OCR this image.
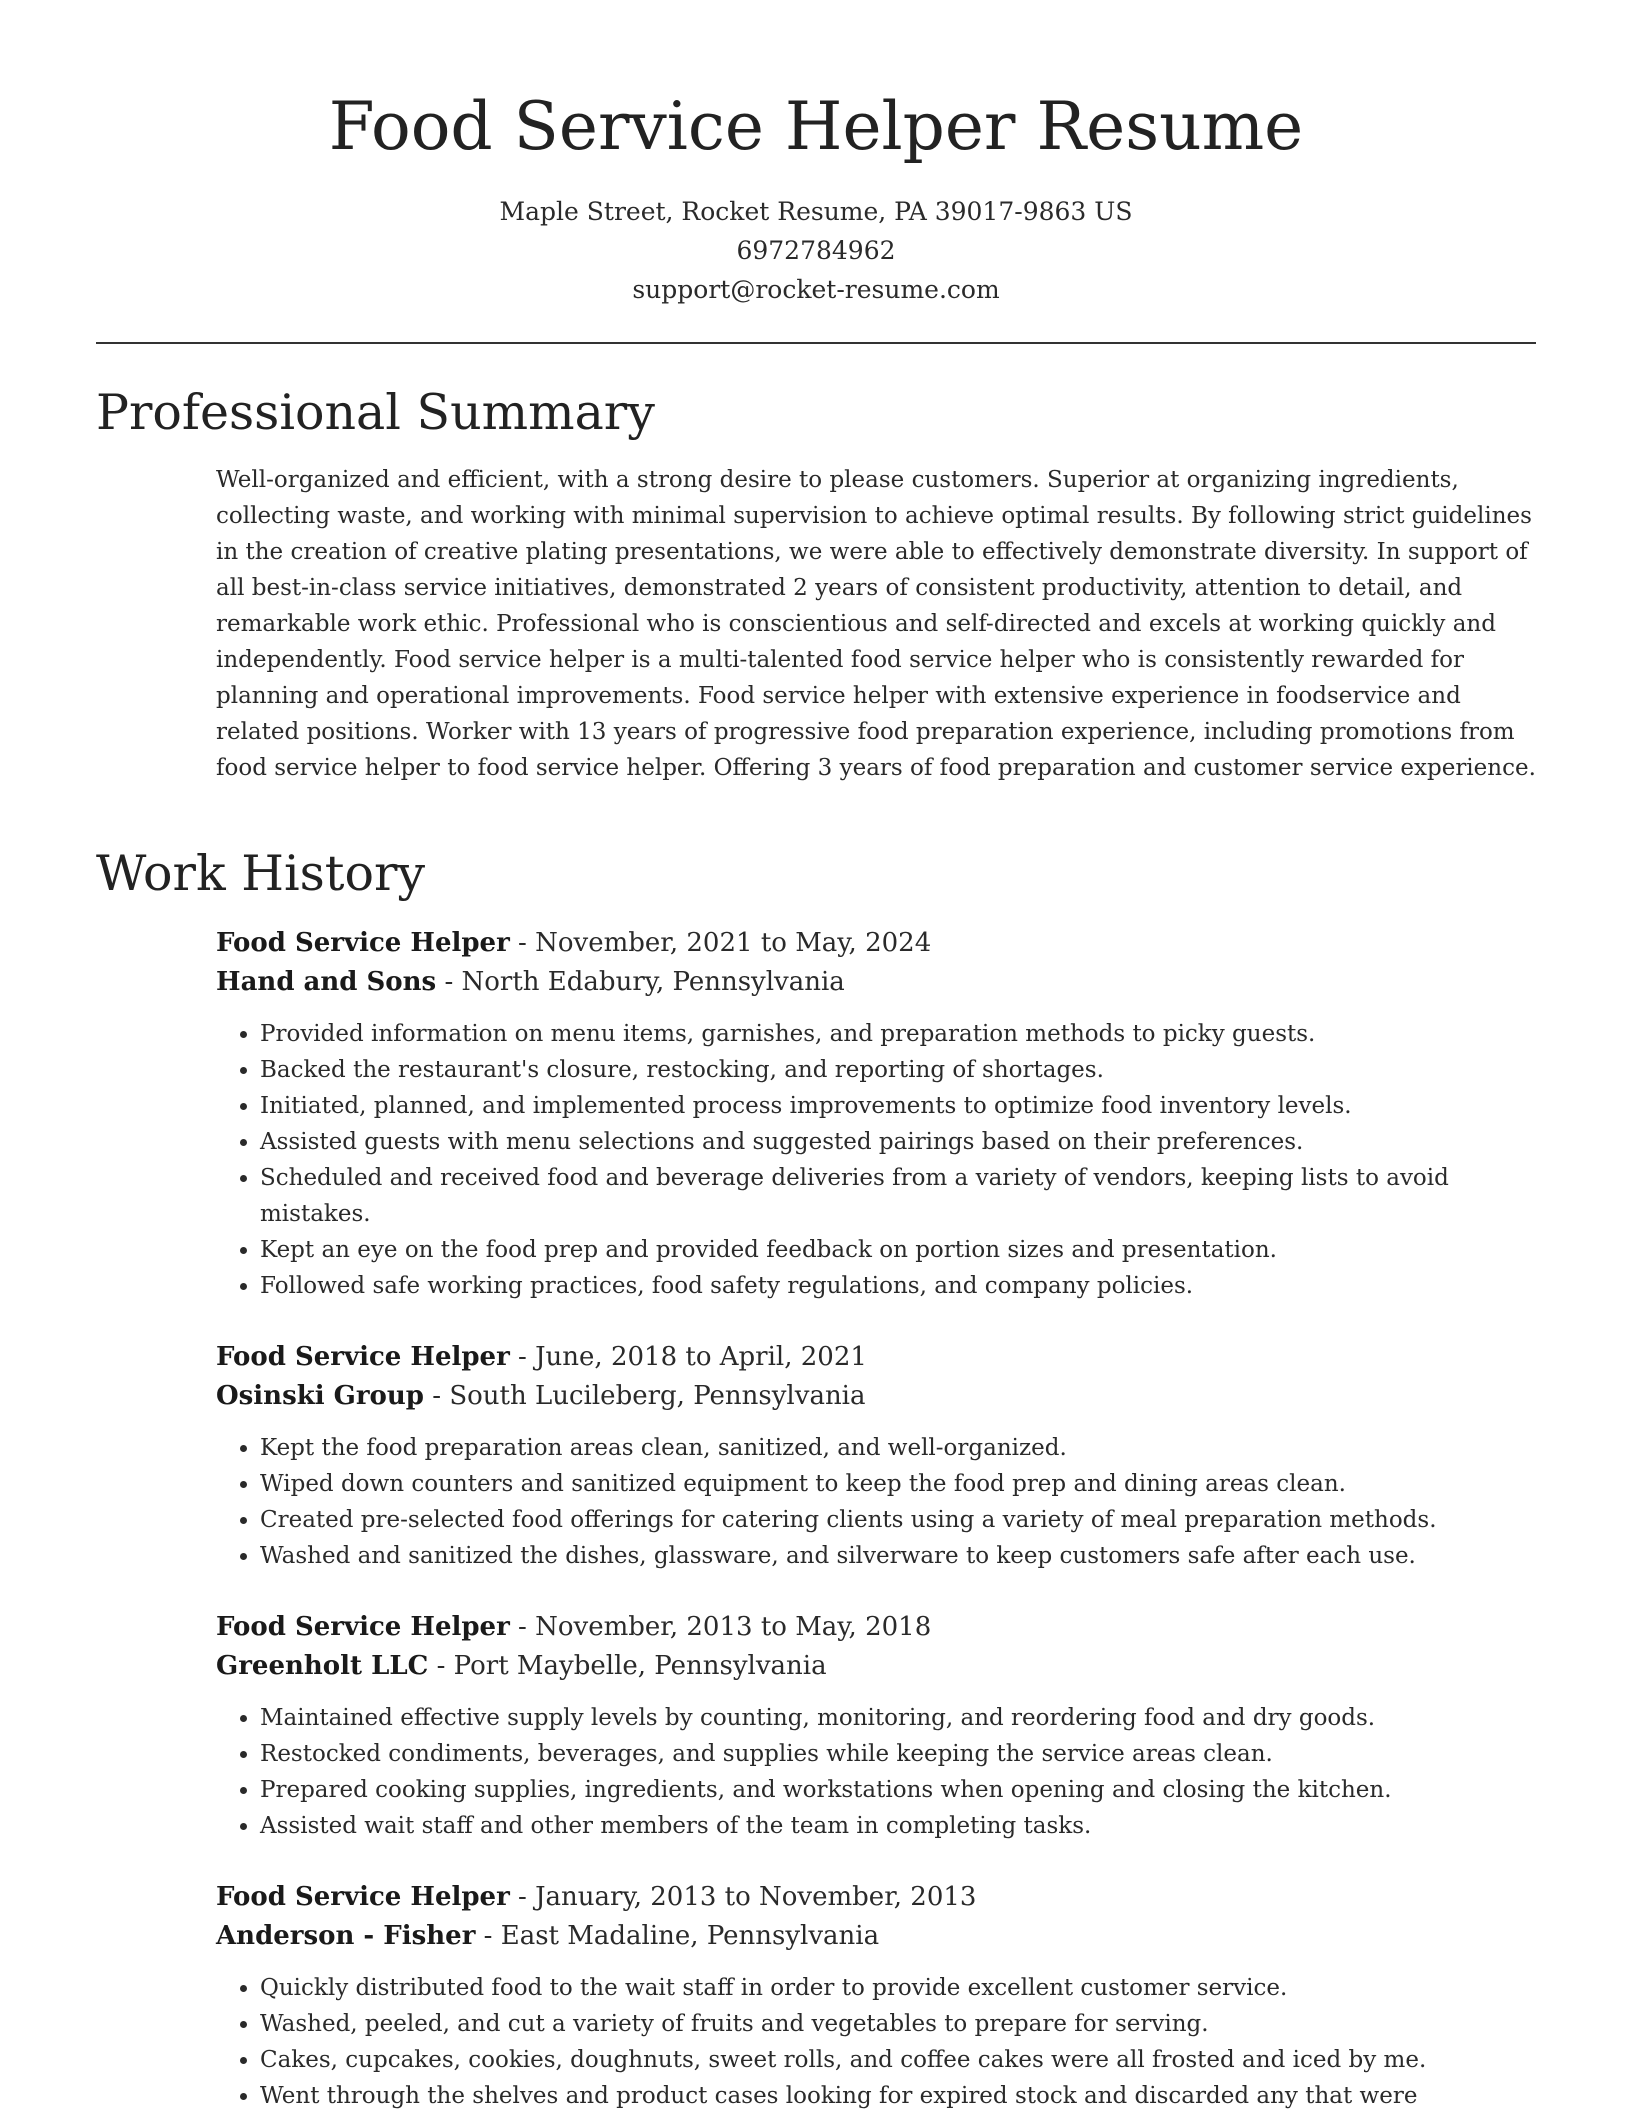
Food Service Helper Resume
Maple Street, Rocket Resume, PA 39017-9863 US
6972784962
support@rocket-resume.com
Professional Summary
Well-organized and efficient, with a strong desire to please customers. Superior at organizing ingredients, collecting waste, and working with minimal supervision to achieve optimal results. By following strict guidelines in the creation of creative plating presentations, we were able to effectively demonstrate diversity. In support of all best-in-class service initiatives, demonstrated 2 years of consistent productivity, attention to detail, and remarkable work ethic. Professional who is conscientious and self-directed and excels at working quickly and independently. Food service helper is a multi-talented food service helper who is consistently rewarded for planning and operational improvements. Food service helper with extensive experience in foodservice and related positions. Worker with 13 years of progressive food preparation experience, including promotions from food service helper to food service helper. Offering 3 years of food preparation and customer service experience.
Work History
Food Service Helper - November, 2021 to May, 2024
Hand and Sons - North Edabury, Pennsylvania
• Provided information on menu items, garnishes, and preparation methods to picky guests.
• Backed the restaurant's closure, restocking, and reporting of shortages.
• Initiated, planned, and implemented process improvements to optimize food inventory levels.
• Assisted guests with menu selections and suggested pairings based on their preferences.
• Scheduled and received food and beverage deliveries from a variety of vendors, keeping lists to avoid mistakes.
• Kept an eye on the food prep and provided feedback on portion sizes and presentation.
• Followed safe working practices, food safety regulations, and company policies.
Food Service Helper - June, 2018 to April, 2021
Osinski Group - South Lucileberg, Pennsylvania
• Kept the food preparation areas clean, sanitized, and well-organized.
• Wiped down counters and sanitized equipment to keep the food prep and dining areas clean.
• Created pre-selected food offerings for catering clients using a variety of meal preparation methods.
• Washed and sanitized the dishes, glassware, and silverware to keep customers safe after each use.
Food Service Helper - November, 2013 to May, 2018
Greenholt LLC - Port Maybelle, Pennsylvania
• Maintained effective supply levels by counting, monitoring, and reordering food and dry goods.
• Restocked condiments, beverages, and supplies while keeping the service areas clean.
• Prepared cooking supplies, ingredients, and workstations when opening and closing the kitchen.
• Assisted wait staff and other members of the team in completing tasks.
Food Service Helper - January, 2013 to November, 2013
Anderson - Fisher - East Madaline, Pennsylvania
• Quickly distributed food to the wait staff in order to provide excellent customer service.
• Washed, peeled, and cut a variety of fruits and vegetables to prepare for serving.
• Cakes, cupcakes, cookies, doughnuts, sweet rolls, and coffee cakes were all frosted and iced by me.
• Went through the shelves and product cases looking for expired stock and discarded any that were
